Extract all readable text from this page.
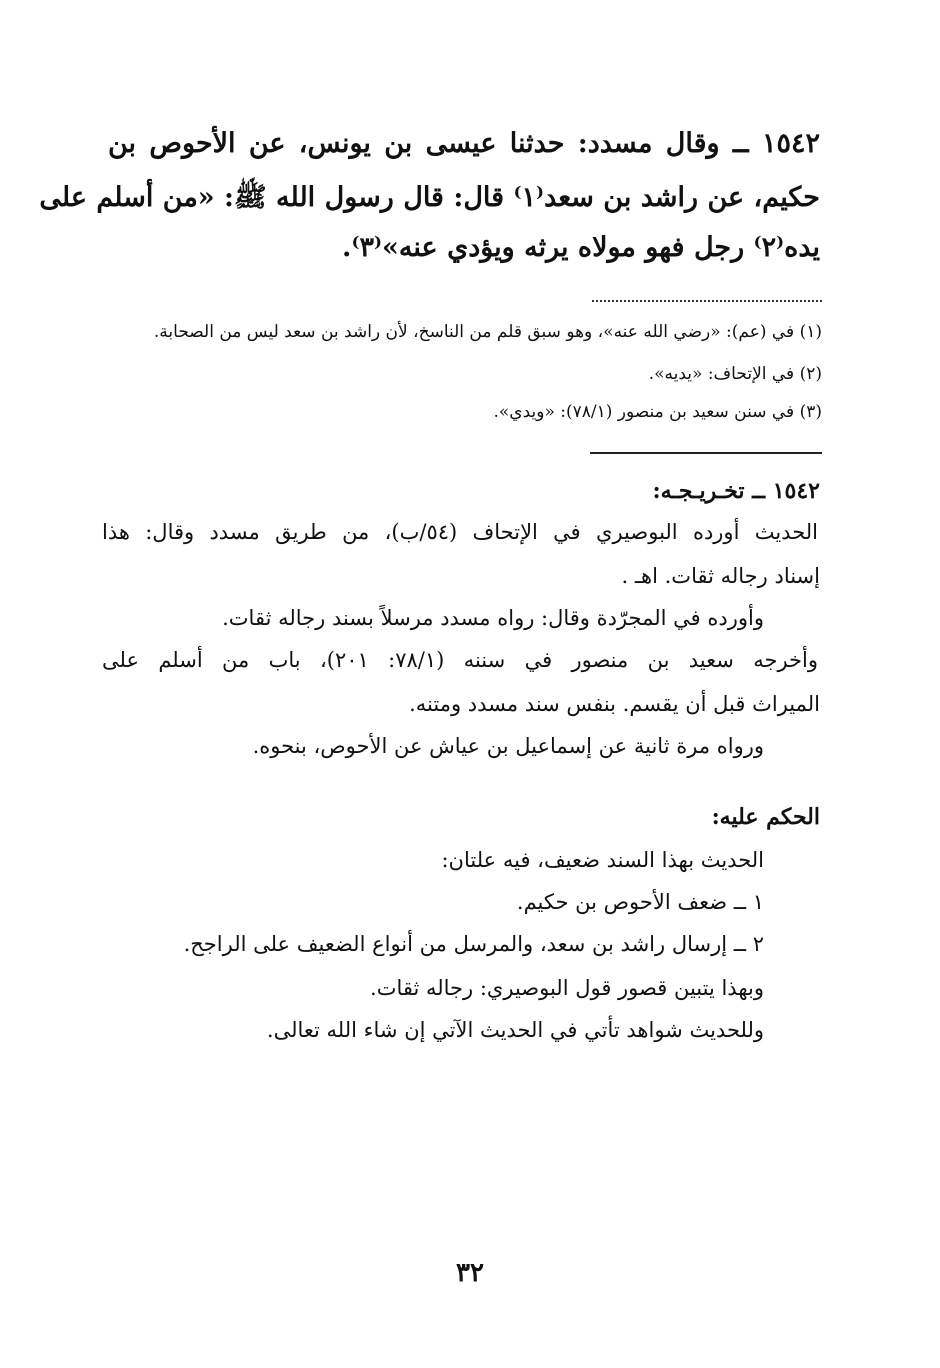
١٥٤٢ ــ وقال مسدد: حدثنا عيسى بن يونس، عن الأحوص بن
حكيم، عن راشد بن سعد⁽١⁾ قال: قال رسول الله ﷺ: «من أسلم على
يده⁽٢⁾ رجل فهو مولاه يرثه ويؤدي عنه»⁽٣⁾.
(١) في (عم): «رضي الله عنه»، وهو سبق قلم من الناسخ، لأن راشد بن سعد ليس من الصحابة.
(٢) في الإتحاف: «يديه».
(٣) في سنن سعيد بن منصور (٧٨/١): «ويدي».
١٥٤٢ ــ تخـريـجـه:
الحديث أورده البوصيري في الإتحاف (٥٤/ب)، من طريق مسدد وقال: هذا
إسناد رجاله ثقات. اهـ .
وأورده في المجرّدة وقال: رواه مسدد مرسلاً بسند رجاله ثقات.
وأخرجه سعيد بن منصور في سننه (٧٨/١: ٢٠١)، باب من أسلم على
الميراث قبل أن يقسم. بنفس سند مسدد ومتنه.
ورواه مرة ثانية عن إسماعيل بن عياش عن الأحوص، بنحوه.
الحكم عليه:
الحديث بهذا السند ضعيف، فيه علتان:
١ ــ ضعف الأحوص بن حكيم.
٢ ــ إرسال راشد بن سعد، والمرسل من أنواع الضعيف على الراجح.
وبهذا يتبين قصور قول البوصيري: رجاله ثقات.
وللحديث شواهد تأتي في الحديث الآتي إن شاء الله تعالى.
٣٢
